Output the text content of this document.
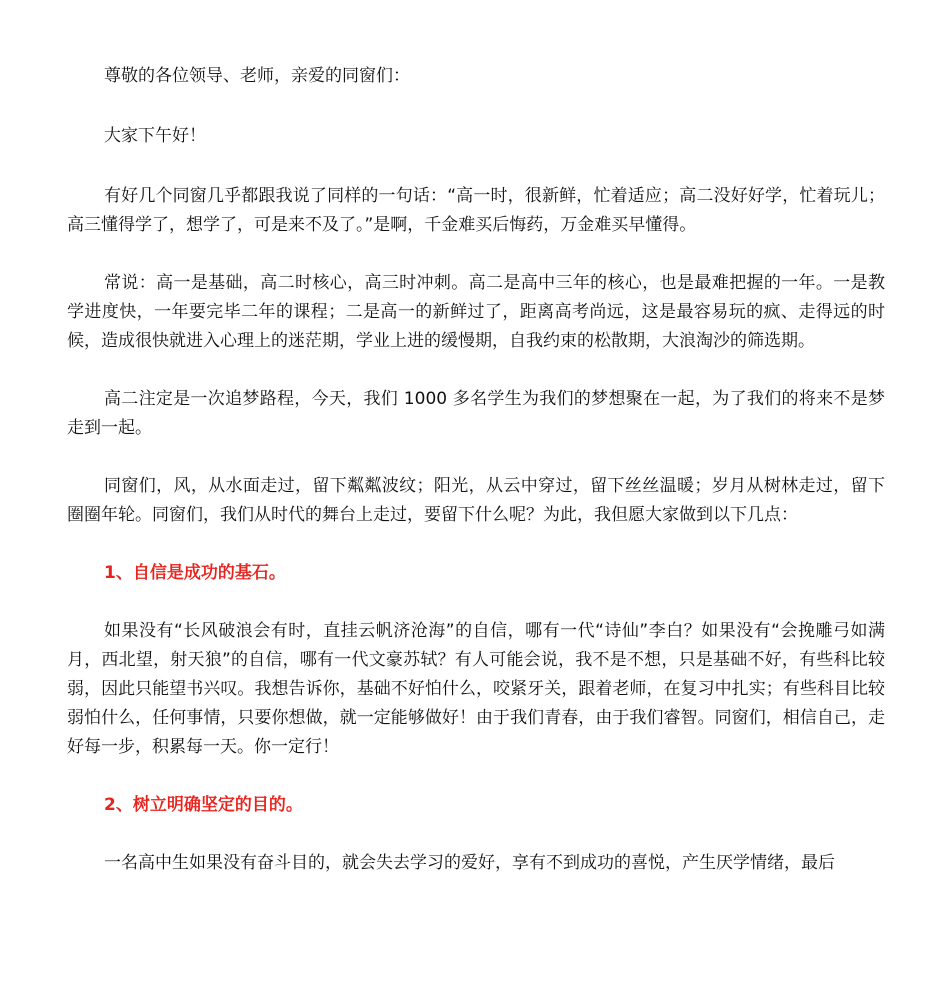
尊敬的各位领导、老师，亲爱的同窗们：

大家下午好！

有好几个同窗几乎都跟我说了同样的一句话：“高一时，很新鲜，忙着适应；高二没好好学，忙着玩儿；高三懂得学了，想学了，可是来不及了。”是啊，千金难买后悔药，万金难买早懂得。

常说：高一是基础，高二时核心，高三时冲刺。高二是高中三年的核心，也是最难把握的一年。一是教学进度快，一年要完毕二年的课程；二是高一的新鲜过了，距离高考尚远，这是最容易玩的疯、走得远的时候，造成很快就进入心理上的迷茫期，学业上进的缓慢期，自我约束的松散期，大浪淘沙的筛选期。

高二注定是一次追梦路程，今天，我们 1000 多名学生为我们的梦想聚在一起，为了我们的将来不是梦走到一起。

同窗们，风，从水面走过，留下粼粼波纹；阳光，从云中穿过，留下丝丝温暖；岁月从树林走过，留下圈圈年轮。同窗们，我们从时代的舞台上走过，要留下什么呢？为此，我但愿大家做到以下几点：

1、自信是成功的基石。

如果没有“长风破浪会有时，直挂云帆济沧海”的自信，哪有一代“诗仙”李白？如果没有“会挽雕弓如满月，西北望，射天狼”的自信，哪有一代文豪苏轼？有人可能会说，我不是不想，只是基础不好，有些科比较弱，因此只能望书兴叹。我想告诉你，基础不好怕什么，咬紧牙关，跟着老师，在复习中扎实；有些科目比较弱怕什么，任何事情，只要你想做，就一定能够做好！由于我们青春，由于我们睿智。同窗们，相信自己，走好每一步，积累每一天。你一定行！

2、树立明确坚定的目的。

一名高中生如果没有奋斗目的，就会失去学习的爱好，享有不到成功的喜悦，产生厌学情绪，最后
